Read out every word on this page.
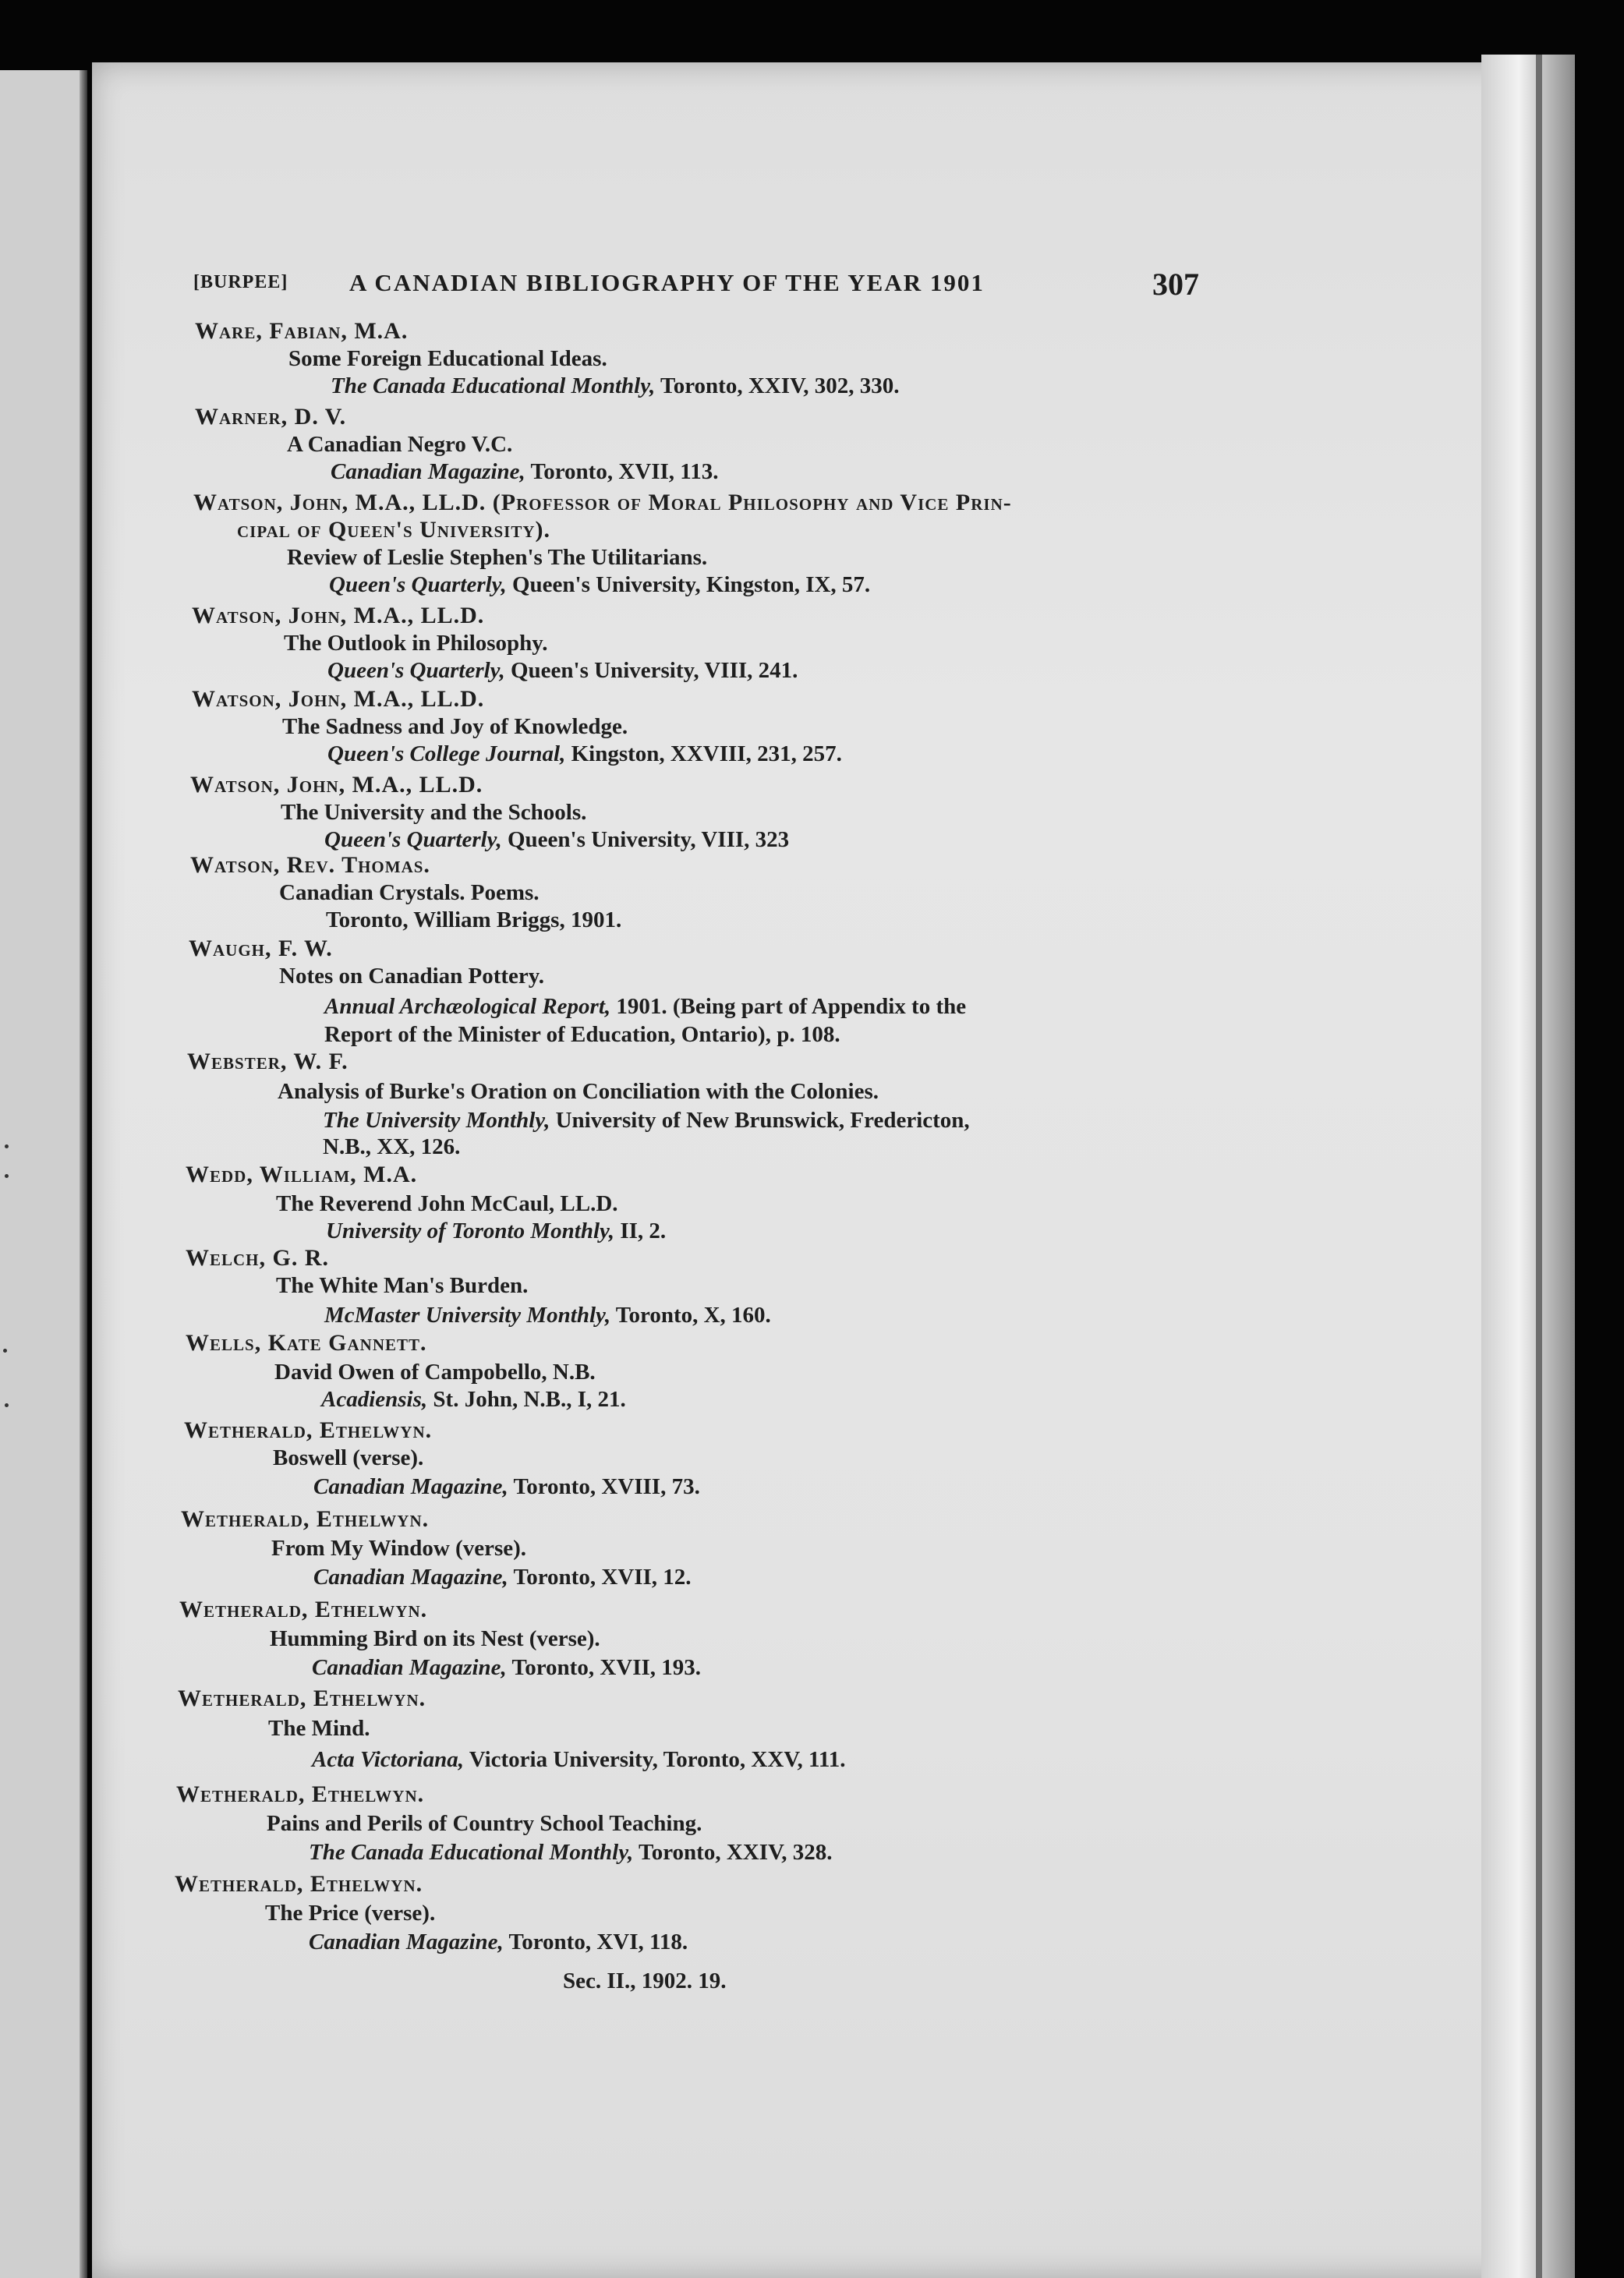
[BURPEE]	A CANADIAN BIBLIOGRAPHY OF THE YEAR 1901	307
Ware, Fabian, M.A.
Some Foreign Educational Ideas.
The Canada Educational Monthly, Toronto, XXIV, 302, 330.
Warner, D. V.
A Canadian Negro V.C.
Canadian Magazine, Toronto, XVII, 113.
Watson, John, M.A., LL.D. (Professor of Moral Philosophy and Vice Prin-
cipal of Queen's University).
Review of Leslie Stephen's The Utilitarians.
Queen's Quarterly, Queen's University, Kingston, IX, 57.
Watson, John, M.A., LL.D.
The Outlook in Philosophy.
Queen's Quarterly, Queen's University, VIII, 241.
Watson, John, M.A., LL.D.
The Sadness and Joy of Knowledge.
Queen's College Journal, Kingston, XXVIII, 231, 257.
Watson, John, M.A., LL.D.
The University and the Schools.
Queen's Quarterly, Queen's University, VIII, 323
Watson, Rev. Thomas.
Canadian Crystals. Poems.
Toronto, William Briggs, 1901.
Waugh, F. W.
Notes on Canadian Pottery.
Annual Archæological Report, 1901. (Being part of Appendix to the
Report of the Minister of Education, Ontario), p. 108.
Webster, W. F.
Analysis of Burke's Oration on Conciliation with the Colonies.
The University Monthly, University of New Brunswick, Fredericton,
N.B., XX, 126.
Wedd, William, M.A.
The Reverend John McCaul, LL.D.
University of Toronto Monthly, II, 2.
Welch, G. R.
The White Man's Burden.
McMaster University Monthly, Toronto, X, 160.
Wells, Kate Gannett.
David Owen of Campobello, N.B.
Acadiensis, St. John, N.B., I, 21.
Wetherald, Ethelwyn.
Boswell (verse).
Canadian Magazine, Toronto, XVIII, 73.
Wetherald, Ethelwyn.
From My Window (verse).
Canadian Magazine, Toronto, XVII, 12.
Wetherald, Ethelwyn.
Humming Bird on its Nest (verse).
Canadian Magazine, Toronto, XVII, 193.
Wetherald, Ethelwyn.
The Mind.
Acta Victoriana, Victoria University, Toronto, XXV, 111.
Wetherald, Ethelwyn.
Pains and Perils of Country School Teaching.
The Canada Educational Monthly, Toronto, XXIV, 328.
Wetherald, Ethelwyn.
The Price (verse).
Canadian Magazine, Toronto, XVI, 118.
Sec. II., 1902. 19.
